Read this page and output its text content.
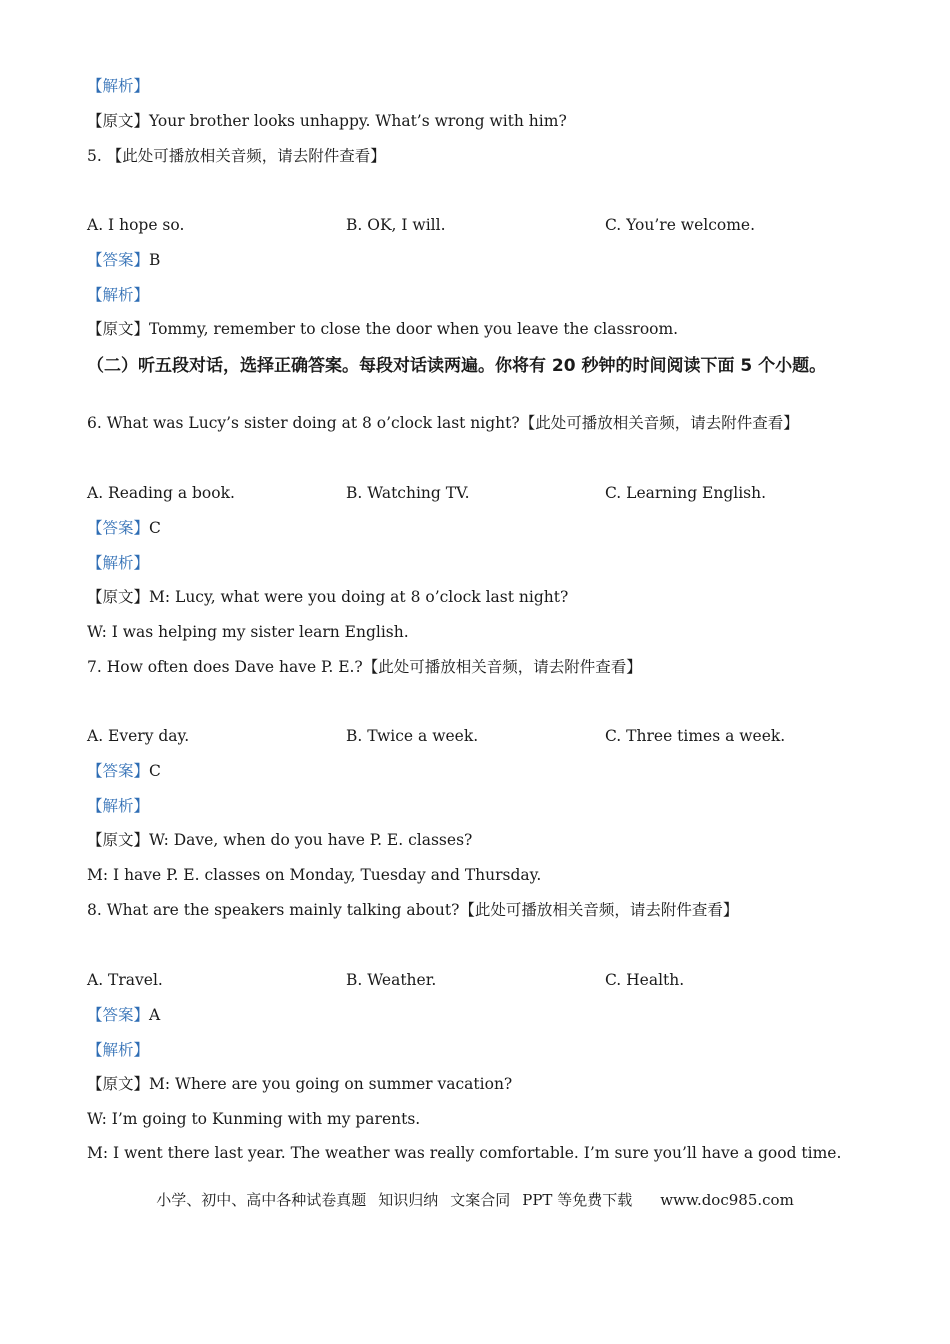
【解析】
【原文】Your brother looks unhappy. What’s wrong with him?
5. 【此处可播放相关音频，请去附件查看】
A. I hope so.	B. OK, I will.	C. You’re welcome.
【答案】B
【解析】
【原文】Tommy, remember to close the door when you leave the classroom.
（二）听五段对话，选择正确答案。每段对话读两遍。你将有 20 秒钟的时间阅读下面 5 个小题。
6. What was Lucy’s sister doing at 8 o’clock last night?【此处可播放相关音频，请去附件查看】
A. Reading a book.	B. Watching TV.	C. Learning English.
【答案】C
【解析】
【原文】M: Lucy, what were you doing at 8 o’clock last night?
W: I was helping my sister learn English.
7. How often does Dave have P. E.?【此处可播放相关音频，请去附件查看】
A. Every day.	B. Twice a week.	C. Three times a week.
【答案】C
【解析】
【原文】W: Dave, when do you have P. E. classes?
M: I have P. E. classes on Monday, Tuesday and Thursday.
8. What are the speakers mainly talking about?【此处可播放相关音频，请去附件查看】
A. Travel.	B. Weather.	C. Health.
【答案】A
【解析】
【原文】M: Where are you going on summer vacation?
W: I’m going to Kunming with my parents.
M: I went there last year. The weather was really comfortable. I’m sure you’ll have a good time.
小学、初中、高中各种试卷真题 知识归纳 文案合同 PPT 等免费下载 www.doc985.com
